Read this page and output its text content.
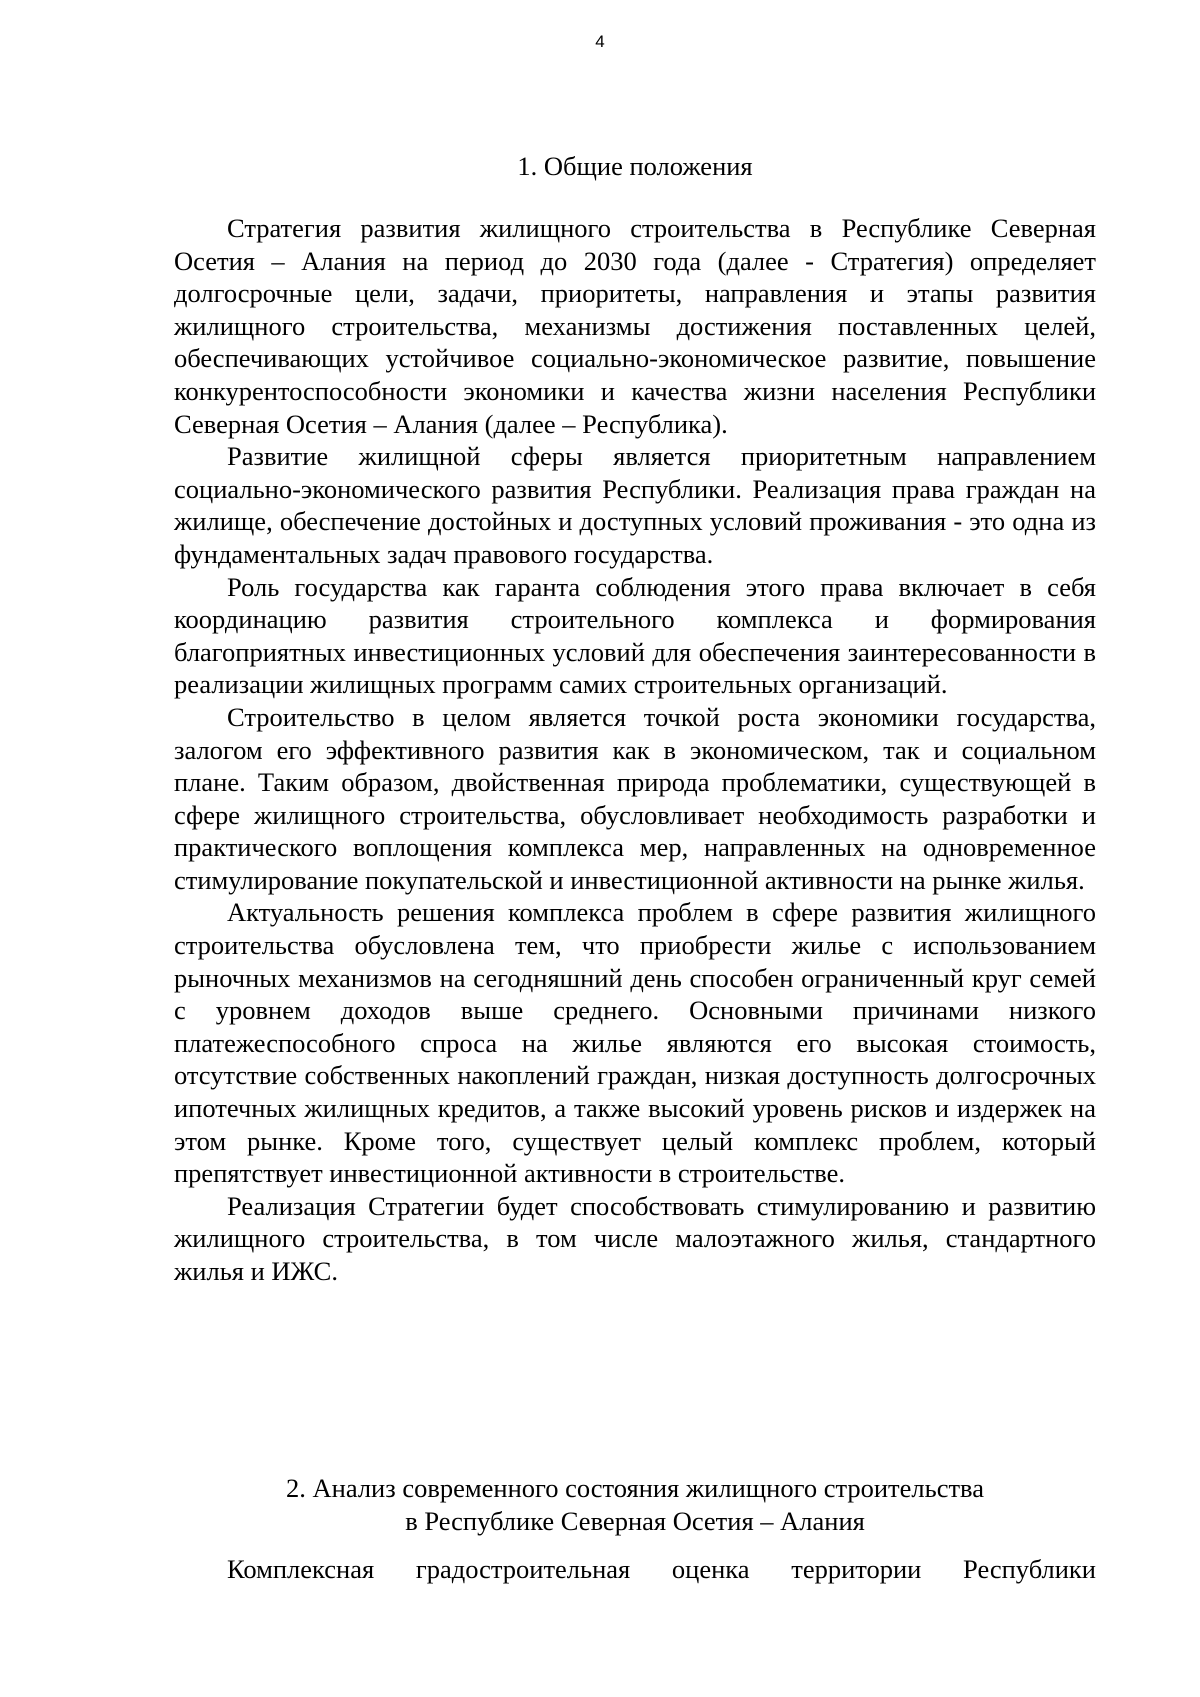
4
1. Общие положения

Стратегия развития жилищного строительства в Республике Северная Осетия – Алания на период до 2030 года (далее - Стратегия) определяет долгосрочные цели, задачи, приоритеты, направления и этапы развития жилищного строительства, механизмы достижения поставленных целей, обеспечивающих устойчивое социально-экономическое развитие, повышение конкурентоспособности экономики и качества жизни населения Республики Северная Осетия – Алания (далее – Республика).

Развитие жилищной сферы является приоритетным направлением социально-экономического развития Республики. Реализация права граждан на жилище, обеспечение достойных и доступных условий проживания - это одна из фундаментальных задач правового государства.

Роль государства как гаранта соблюдения этого права включает в себя координацию развития строительного комплекса и формирования благоприятных инвестиционных условий для обеспечения заинтересованности в реализации жилищных программ самих строительных организаций.

Строительство в целом является точкой роста экономики государства, залогом его эффективного развития как в экономическом, так и социальном плане. Таким образом, двойственная природа проблематики, существующей в сфере жилищного строительства, обусловливает необходимость разработки и практического воплощения комплекса мер, направленных на одновременное стимулирование покупательской и инвестиционной активности на рынке жилья.

Актуальность решения комплекса проблем в сфере развития жилищного строительства обусловлена тем, что приобрести жилье с использованием рыночных механизмов на сегодняшний день способен ограниченный круг семей с уровнем доходов выше среднего. Основными причинами низкого платежеспособного спроса на жилье являются его высокая стоимость, отсутствие собственных накоплений граждан, низкая доступность долгосрочных ипотечных жилищных кредитов, а также высокий уровень рисков и издержек на этом рынке. Кроме того, существует целый комплекс проблем, который препятствует инвестиционной активности в строительстве.

Реализация Стратегии будет способствовать стимулированию и развитию жилищного строительства, в том числе малоэтажного жилья, стандартного жилья и ИЖС.

2. Анализ современного состояния жилищного строительства
в Республике Северная Осетия – Алания

Комплексная градостроительная оценка территории Республики
